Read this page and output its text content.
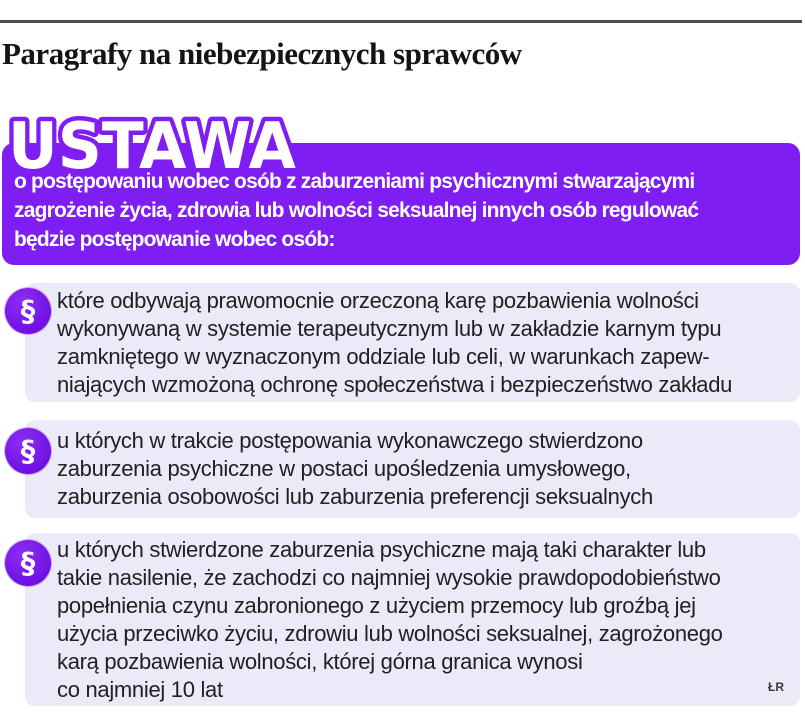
Paragrafy na niebezpiecznych sprawców
o postępowaniu wobec osób z zaburzeniami psychicznymi stwarzającymi
zagrożenie życia, zdrowia lub wolności seksualnej innych osób regulować
będzie postępowanie wobec osób:
USTAWA
które odbywają prawomocnie orzeczoną karę pozbawienia wolności
wykonywaną w systemie terapeutycznym lub w zakładzie karnym typu
zamkniętego w wyznaczonym oddziale lub celi, w warunkach zapew-
niających wzmożoną ochronę społeczeństwa i bezpieczeństwo zakładu
u których w trakcie postępowania wykonawczego stwierdzono
zaburzenia psychiczne w postaci upośledzenia umysłowego,
zaburzenia osobowości lub zaburzenia preferencji seksualnych
u których stwierdzone zaburzenia psychiczne mają taki charakter lub
takie nasilenie, że zachodzi co najmniej wysokie prawdopodobieństwo
popełnienia czynu zabronionego z użyciem przemocy lub groźbą jej
użycia przeciwko życiu, zdrowiu lub wolności seksualnej, zagrożonego
karą pozbawienia wolności, której górna granica wynosi
co najmniej 10 lat	ŁR
§
§
§
